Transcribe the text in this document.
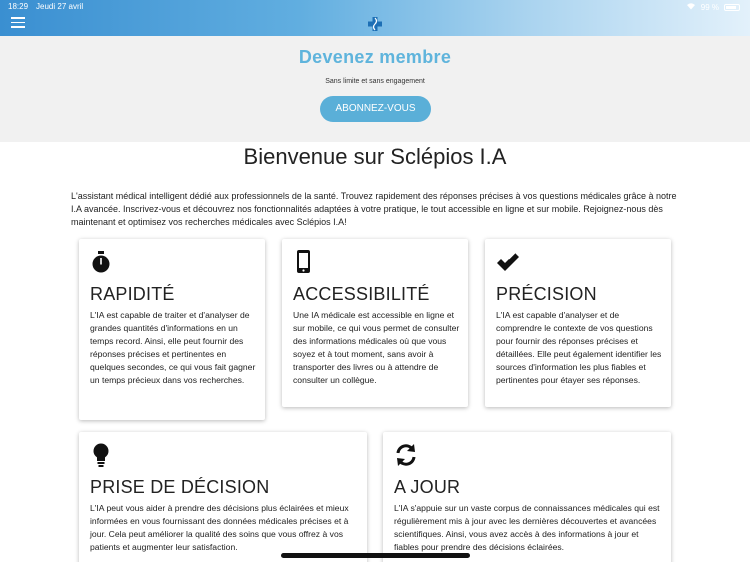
18:29 Jeudi 27 avril	99 %
Devenez membre
Sans limite et sans engagement
ABONNEZ-VOUS
Bienvenue sur Sclépios I.A
L'assistant médical intelligent dédié aux professionnels de la santé. Trouvez rapidement des réponses précises à vos questions médicales grâce à notre I.A avancée. Inscrivez-vous et découvrez nos fonctionnalités adaptées à votre pratique, le tout accessible en ligne et sur mobile. Rejoignez-nous dès maintenant et optimisez vos recherches médicales avec Sclépios I.A!
RAPIDITÉ

L'IA est capable de traiter et d'analyser de grandes quantités d'informations en un temps record. Ainsi, elle peut fournir des réponses précises et pertinentes en quelques secondes, ce qui vous fait gagner un temps précieux dans vos recherches.

ACCESSIBILITÉ

Une IA médicale est accessible en ligne et sur mobile, ce qui vous permet de consulter des informations médicales où que vous soyez et à tout moment, sans avoir à transporter des livres ou à attendre de consulter un collègue.

PRÉCISION

L'IA est capable d'analyser et de comprendre le contexte de vos questions pour fournir des réponses précises et détaillées. Elle peut également identifier les sources d'information les plus fiables et pertinentes pour étayer ses réponses.

PRISE DE DÉCISION

L'IA peut vous aider à prendre des décisions plus éclairées et mieux informées en vous fournissant des données médicales précises et à jour. Cela peut améliorer la qualité des soins que vous offrez à vos patients et augmenter leur satisfaction.

A JOUR

L'IA s'appuie sur un vaste corpus de connaissances médicales qui est régulièrement mis à jour avec les dernières découvertes et avancées scientifiques. Ainsi, vous avez accès à des informations à jour et fiables pour prendre des décisions éclairées.
